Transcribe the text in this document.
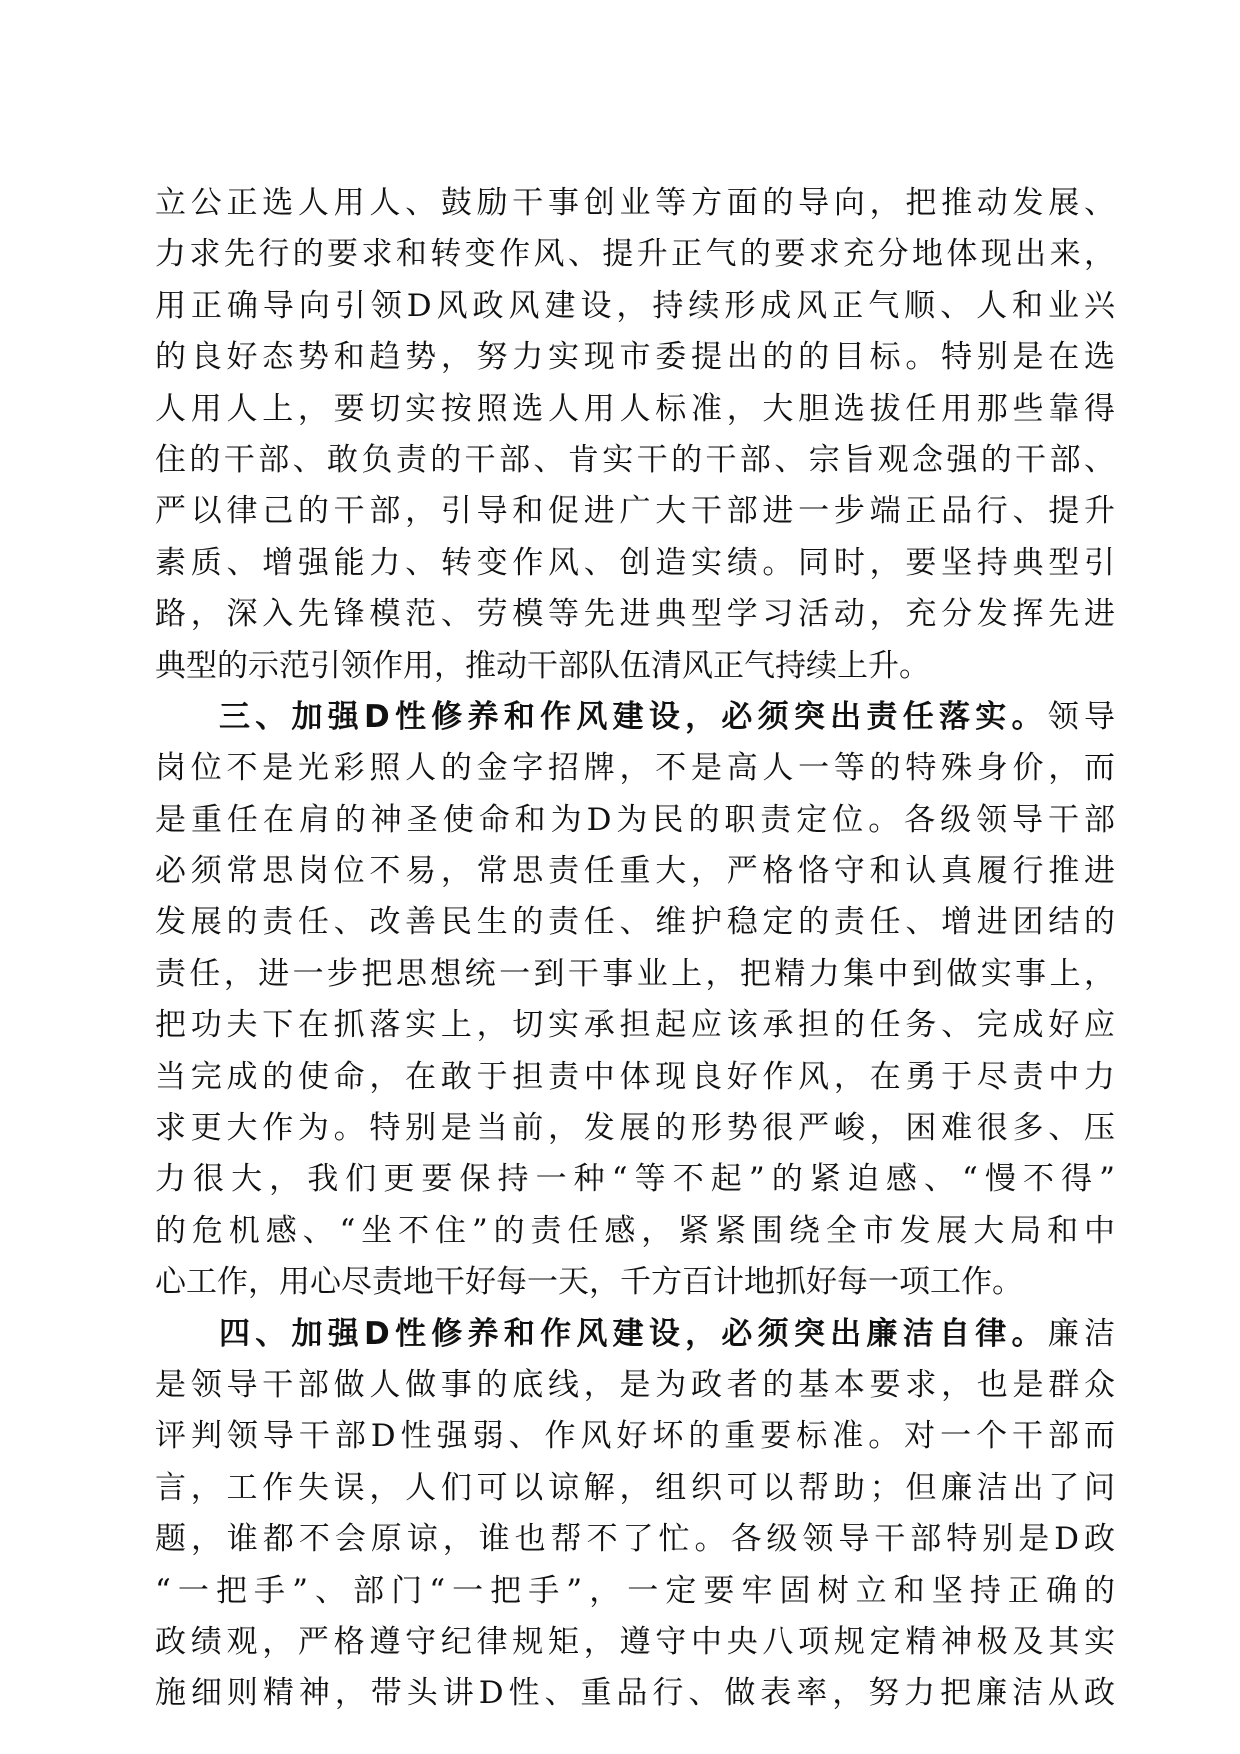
立公正选人用人、鼓励干事创业等方面的导向，把推动发展、
力求先行的要求和转变作风、提升正气的要求充分地体现出来，
用正确导向引领D风政风建设，持续形成风正气顺、人和业兴
的良好态势和趋势，努力实现市委提出的的目标。特别是在选
人用人上，要切实按照选人用人标准，大胆选拔任用那些靠得
住的干部、敢负责的干部、肯实干的干部、宗旨观念强的干部、
严以律己的干部，引导和促进广大干部进一步端正品行、提升
素质、增强能力、转变作风、创造实绩。同时，要坚持典型引
路，深入先锋模范、劳模等先进典型学习活动，充分发挥先进
典型的示范引领作用，推动干部队伍清风正气持续上升。
三、加强D性修养和作风建设，必须突出责任落实。领导
岗位不是光彩照人的金字招牌，不是高人一等的特殊身价，而
是重任在肩的神圣使命和为D为民的职责定位。各级领导干部
必须常思岗位不易，常思责任重大，严格恪守和认真履行推进
发展的责任、改善民生的责任、维护稳定的责任、增进团结的
责任，进一步把思想统一到干事业上，把精力集中到做实事上，
把功夫下在抓落实上，切实承担起应该承担的任务、完成好应
当完成的使命，在敢于担责中体现良好作风，在勇于尽责中力
求更大作为。特别是当前，发展的形势很严峻，困难很多、压
力很大，我们更要保持一种“等不起”的紧迫感、“慢不得”
的危机感、“坐不住”的责任感，紧紧围绕全市发展大局和中
心工作，用心尽责地干好每一天，千方百计地抓好每一项工作。
四、加强D性修养和作风建设，必须突出廉洁自律。廉洁
是领导干部做人做事的底线，是为政者的基本要求，也是群众
评判领导干部D性强弱、作风好坏的重要标准。对一个干部而
言，工作失误，人们可以谅解，组织可以帮助；但廉洁出了问
题，谁都不会原谅，谁也帮不了忙。各级领导干部特别是D政
“一把手”、部门“一把手”，一定要牢固树立和坚持正确的
政绩观，严格遵守纪律规矩，遵守中央八项规定精神极及其实
施细则精神，带头讲D性、重品行、做表率，努力把廉洁从政
